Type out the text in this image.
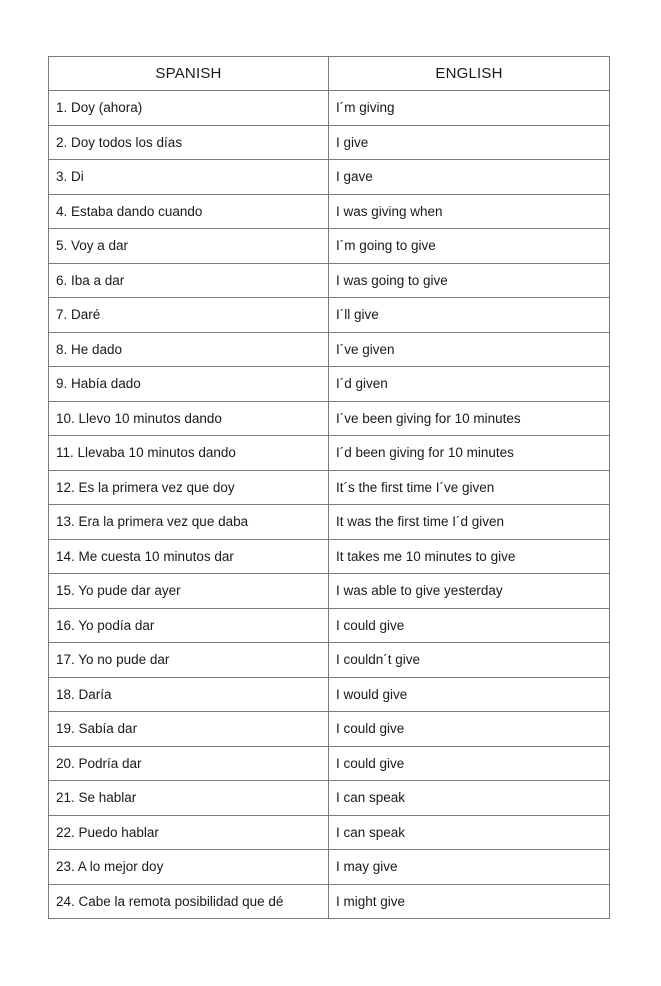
SPANISH	ENGLISH
1. Doy (ahora)	I´m giving
2. Doy todos los días	I give
3. Di	I gave
4. Estaba dando cuando	I was giving when
5. Voy a dar	I´m going to give
6. Iba a dar	I was going to give
7. Daré	I´ll give
8. He dado	I´ve given
9. Había dado	I´d given
10. Llevo 10 minutos dando	I´ve been giving for 10 minutes
11. Llevaba 10 minutos dando	I´d been giving for 10 minutes
12. Es la primera vez que doy	It´s the first time I´ve given
13. Era la primera vez que daba	It was the first time I´d given
14. Me cuesta 10 minutos dar	It takes me 10 minutes to give
15. Yo pude dar ayer	I was able to give yesterday
16. Yo podía dar	I could give
17. Yo no pude dar	I couldn´t give
18. Daría	I would give
19. Sabía dar	I could give
20. Podría dar	I could give
21. Se hablar	I can speak
22. Puedo hablar	I can speak
23. A lo mejor doy	I may give
24. Cabe la remota posibilidad que dé	I might give
